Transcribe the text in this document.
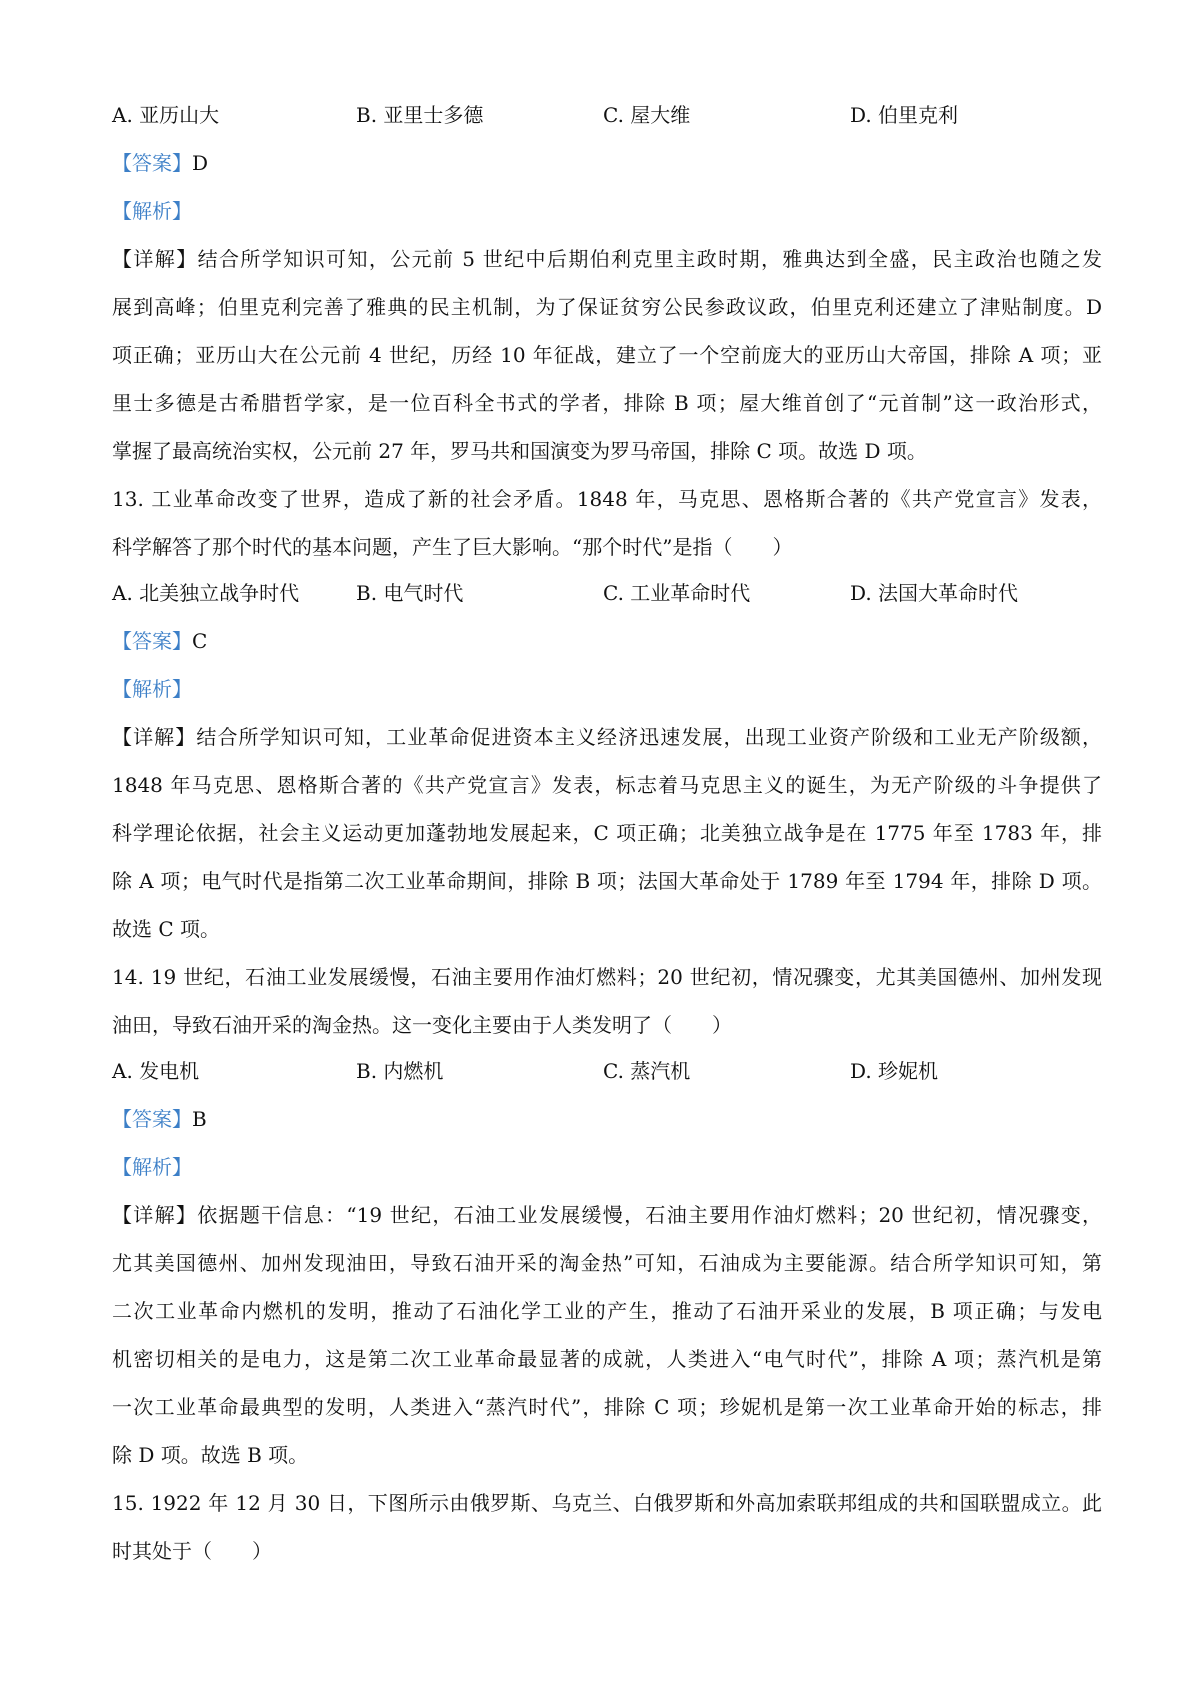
A. 亚历山大	B. 亚里士多德	C. 屋大维	D. 伯里克利
【答案】D
【解析】
【详解】结合所学知识可知，公元前 5 世纪中后期伯利克里主政时期，雅典达到全盛，民主政治也随之发
展到高峰；伯里克利完善了雅典的民主机制，为了保证贫穷公民参政议政，伯里克利还建立了津贴制度。D
项正确；亚历山大在公元前 4 世纪，历经 10 年征战，建立了一个空前庞大的亚历山大帝国，排除 A 项；亚
里士多德是古希腊哲学家，是一位百科全书式的学者，排除 B 项；屋大维首创了“元首制”这一政治形式，
掌握了最高统治实权，公元前 27 年，罗马共和国演变为罗马帝国，排除 C 项。故选 D 项。
13. 工业革命改变了世界，造成了新的社会矛盾。1848 年，马克思、恩格斯合著的《共产党宣言》发表，
科学解答了那个时代的基本问题，产生了巨大影响。“那个时代”是指（　　）
A. 北美独立战争时代	B. 电气时代	C. 工业革命时代	D. 法国大革命时代
【答案】C
【解析】
【详解】结合所学知识可知，工业革命促进资本主义经济迅速发展，出现工业资产阶级和工业无产阶级额，
1848 年马克思、恩格斯合著的《共产党宣言》发表，标志着马克思主义的诞生，为无产阶级的斗争提供了
科学理论依据，社会主义运动更加蓬勃地发展起来，C 项正确；北美独立战争是在 1775 年至 1783 年，排
除 A 项；电气时代是指第二次工业革命期间，排除 B 项；法国大革命处于 1789 年至 1794 年，排除 D 项。
故选 C 项。
14. 19 世纪，石油工业发展缓慢，石油主要用作油灯燃料；20 世纪初，情况骤变，尤其美国德州、加州发现
油田，导致石油开采的淘金热。这一变化主要由于人类发明了（　　）
A. 发电机	B. 内燃机	C. 蒸汽机	D. 珍妮机
【答案】B
【解析】
【详解】依据题干信息：“19 世纪，石油工业发展缓慢，石油主要用作油灯燃料；20 世纪初，情况骤变，
尤其美国德州、加州发现油田，导致石油开采的淘金热”可知，石油成为主要能源。结合所学知识可知，第
二次工业革命内燃机的发明，推动了石油化学工业的产生，推动了石油开采业的发展，B 项正确；与发电
机密切相关的是电力，这是第二次工业革命最显著的成就，人类进入“电气时代”，排除 A 项；蒸汽机是第
一次工业革命最典型的发明，人类进入“蒸汽时代”，排除 C 项；珍妮机是第一次工业革命开始的标志，排
除 D 项。故选 B 项。
15. 1922 年 12 月 30 日，下图所示由俄罗斯、乌克兰、白俄罗斯和外高加索联邦组成的共和国联盟成立。此
时其处于（　　）
